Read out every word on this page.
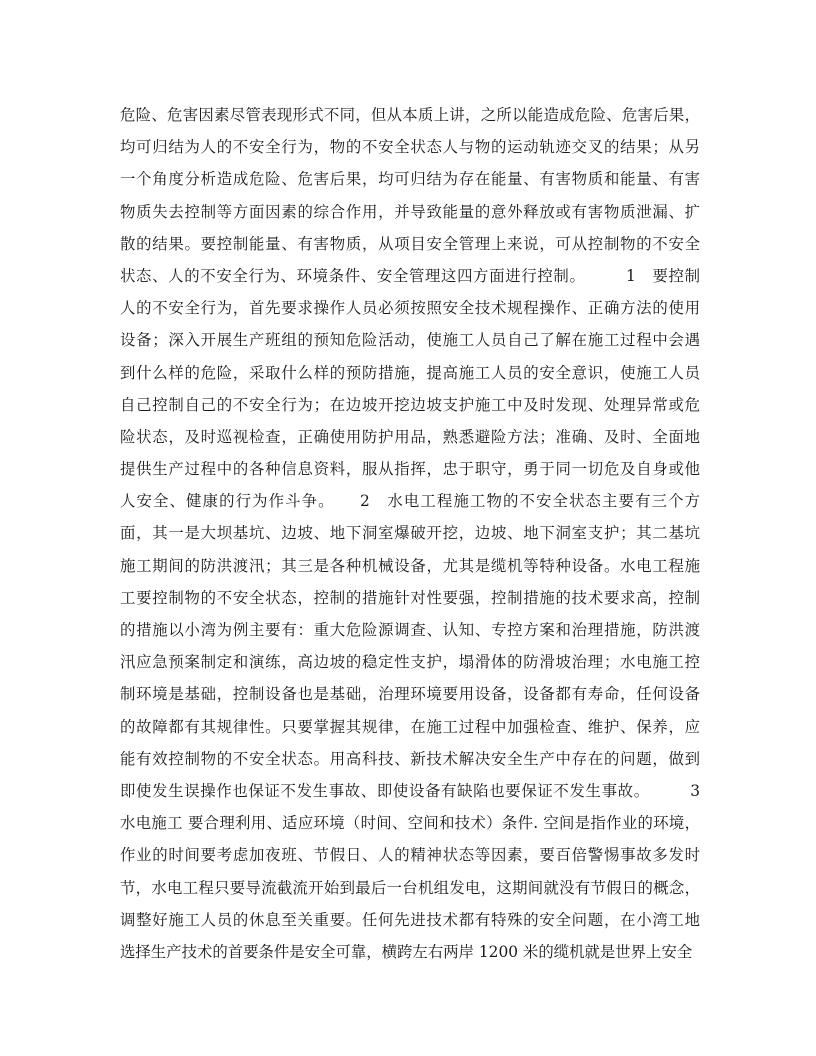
危险、危害因素尽管表现形式不同，但从本质上讲，之所以能造成危险、危害后果，
均可归结为人的不安全行为，物的不安全状态人与物的运动轨迹交叉的结果；从另
一个角度分析造成危险、危害后果，均可归结为存在能量、有害物质和能量、有害
物质失去控制等方面因素的综合作用，并导致能量的意外释放或有害物质泄漏、扩
散的结果。要控制能量、有害物质，从项目安全管理上来说，可从控制物的不安全
状态、人的不安全行为、环境条件、安全管理这四方面进行控制。　　　1　要控制
人的不安全行为，首先要求操作人员必须按照安全技术规程操作、正确方法的使用
设备；深入开展生产班组的预知危险活动，使施工人员自己了解在施工过程中会遇
到什么样的危险，采取什么样的预防措施，提高施工人员的安全意识，使施工人员
自己控制自己的不安全行为；在边坡开挖边坡支护施工中及时发现、处理异常或危
险状态，及时巡视检查，正确使用防护用品，熟悉避险方法；准确、及时、全面地
提供生产过程中的各种信息资料，服从指挥，忠于职守，勇于同一切危及自身或他
人安全、健康的行为作斗争。　　2　水电工程施工物的不安全状态主要有三个方
面，其一是大坝基坑、边坡、地下洞室爆破开挖，边坡、地下洞室支护；其二基坑
施工期间的防洪渡汛；其三是各种机械设备，尤其是缆机等特种设备。水电工程施
工要控制物的不安全状态，控制的措施针对性要强，控制措施的技术要求高，控制
的措施以小湾为例主要有：重大危险源调查、认知、专控方案和治理措施，防洪渡
汛应急预案制定和演练，高边坡的稳定性支护，塌滑体的防滑坡治理；水电施工控
制环境是基础，控制设备也是基础，治理环境要用设备，设备都有寿命，任何设备
的故障都有其规律性。只要掌握其规律，在施工过程中加强检查、维护、保养，应
能有效控制物的不安全状态。用高科技、新技术解决安全生产中存在的问题，做到
即使发生误操作也保证不发生事故、即使设备有缺陷也要保证不发生事故。　　　3
水电施工 要合理利用、适应环境（时间、空间和技术）条件. 空间是指作业的环境，
作业的时间要考虑加夜班、节假日、人的精神状态等因素，要百倍警惕事故多发时
节，水电工程只要导流截流开始到最后一台机组发电，这期间就没有节假日的概念，
调整好施工人员的休息至关重要。任何先进技术都有特殊的安全问题，在小湾工地
选择生产技术的首要条件是安全可靠，横跨左右两岸 1200 米的缆机就是世界上安全
